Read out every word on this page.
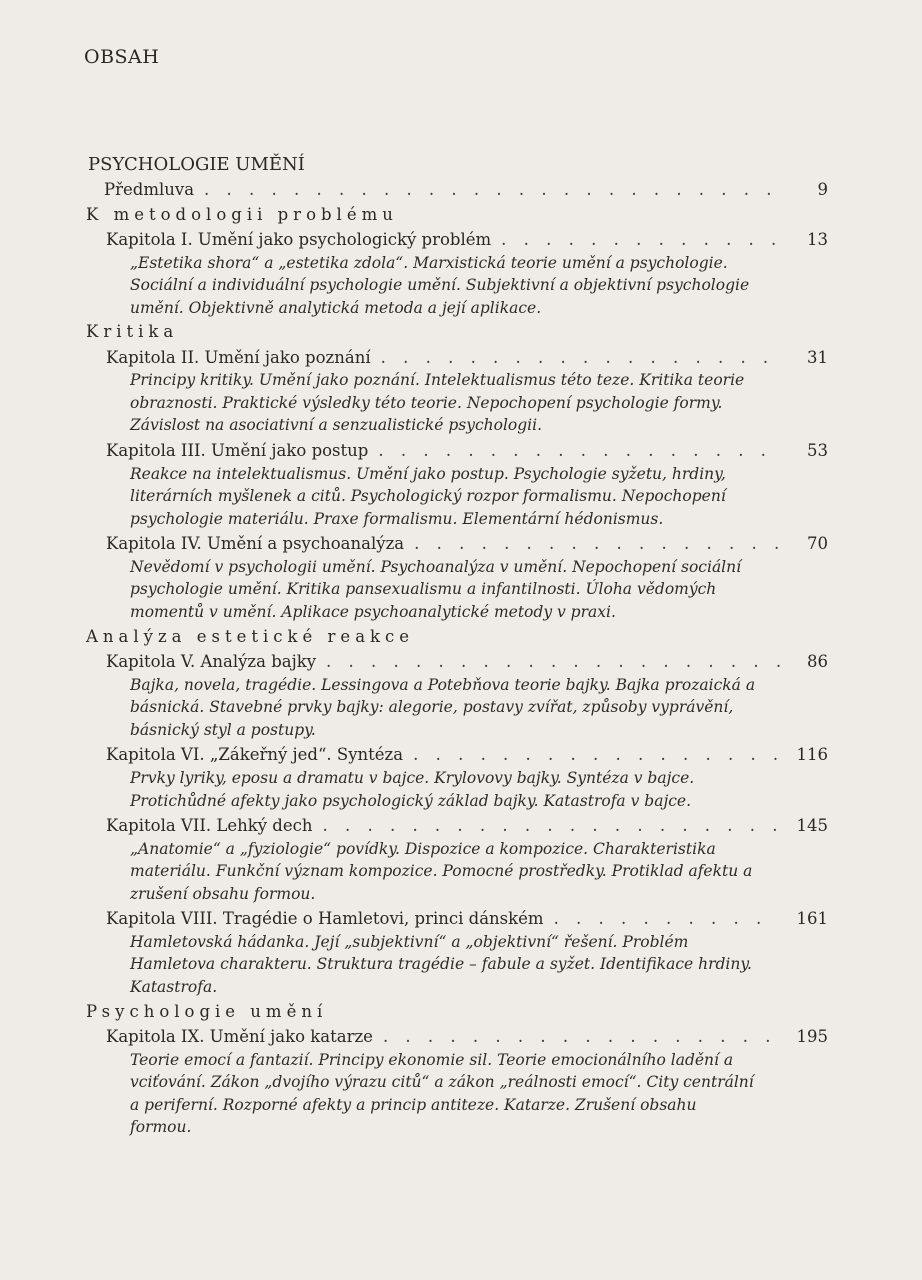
OBSAH
PSYCHOLOGIE UMĚNÍ
Předmluva . . .	9
K metodologii problému
Kapitola I. Umění jako psychologický problém . . .	13
„Estetika shora“ a „estetika zdola“. Marxistická teorie umění a psychologie. Sociální a individuální psychologie umění. Subjektivní a objektivní psychologie umění. Objektivně analytická metoda a její aplikace.
Kritika
Kapitola II. Umění jako poznání . . .	31
Principy kritiky. Umění jako poznání. Intelektualismus této teze. Kritika teorie obraznosti. Praktické výsledky této teorie. Nepochopení psychologie formy. Závislost na asociativní a senzualistické psychologii.
Kapitola III. Umění jako postup . . .	53
Reakce na intelektualismus. Umění jako postup. Psychologie syžetu, hrdiny, literárních myšlenek a citů. Psychologický rozpor formalismu. Nepochopení psychologie materiálu. Praxe formalismu. Elementární hédonismus.
Kapitola IV. Umění a psychoanalýza . . .	70
Nevědomí v psychologii umění. Psychoanalýza v umění. Nepochopení sociální psychologie umění. Kritika pansexualismu a infantilnosti. Úloha vědomých momentů v umění. Aplikace psychoanalytické metody v praxi.
Analýza estetické reakce
Kapitola V. Analýza bajky . . .	86
Bajka, novela, tragédie. Lessingova a Potebňova teorie bajky. Bajka prozaická a básnická. Stavebné prvky bajky: alegorie, postavy zvířat, způsoby vyprávění, básnický styl a postupy.
Kapitola VI. „Zákeřný jed“. Syntéza . . .	116
Prvky lyriky, eposu a dramatu v bajce. Krylovovy bajky. Syntéza v bajce. Protichůdné afekty jako psychologický základ bajky. Katastrofa v bajce.
Kapitola VII. Lehký dech . . .	145
„Anatomie“ a „fyziologie“ povídky. Dispozice a kompozice. Charakteristika materiálu. Funkční význam kompozice. Pomocné prostředky. Protiklad afektu a zrušení obsahu formou.
Kapitola VIII. Tragédie o Hamletovi, princi dánském . . .	161
Hamletovská hádanka. Její „subjektivní“ a „objektivní“ řešení. Problém Hamletova charakteru. Struktura tragédie – fabule a syžet. Identifikace hrdiny. Katastrofa.
Psychologie umění
Kapitola IX. Umění jako katarze . . .	195
Teorie emocí a fantazií. Principy ekonomie sil. Teorie emocionálního ladění a vciťování. Zákon „dvojího výrazu citů“ a zákon „reálnosti emocí“. City centrální a periferní. Rozporné afekty a princip antiteze. Katarze. Zrušení obsahu formou.
